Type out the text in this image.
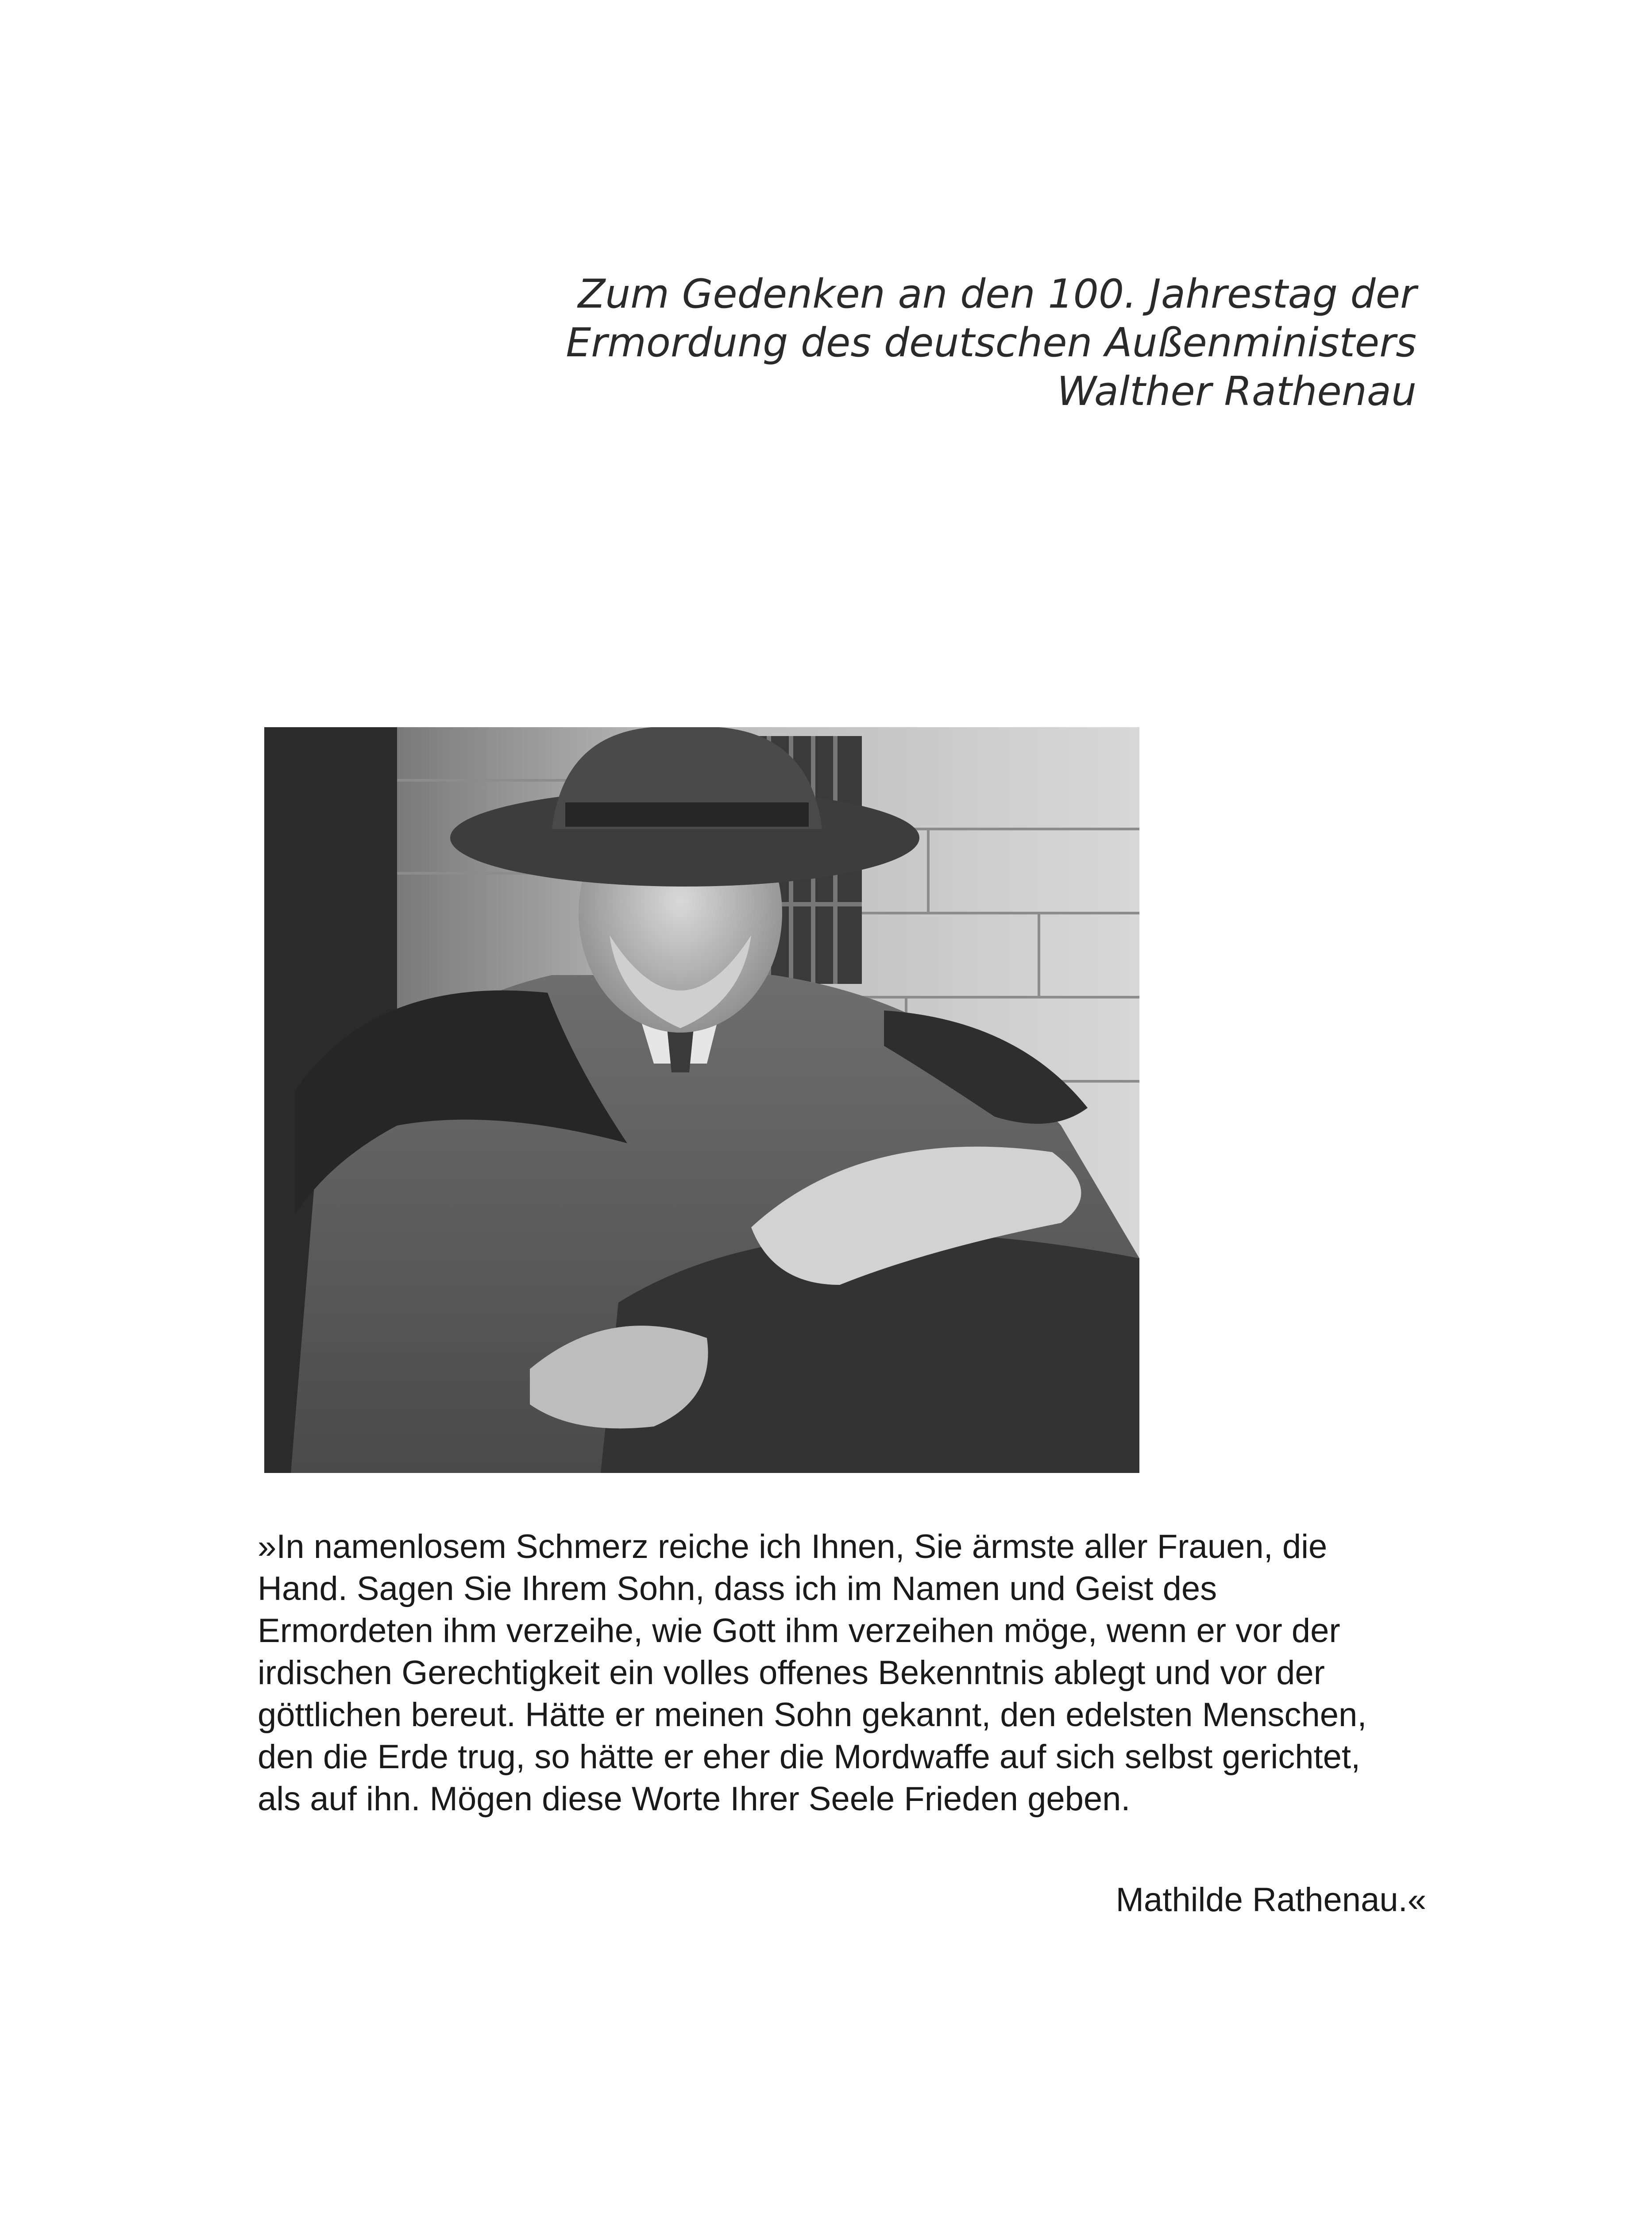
Zum Gedenken an den 100. Jahrestag der
Ermordung des deutschen Außenministers
Walther Rathenau
»In namenlosem Schmerz reiche ich Ihnen, Sie ärmste aller Frauen, die
Hand. Sagen Sie Ihrem Sohn, dass ich im Namen und Geist des
Ermordeten ihm verzeihe, wie Gott ihm verzeihen möge, wenn er vor der
irdischen Gerechtigkeit ein volles offenes Bekenntnis ablegt und vor der
göttlichen bereut. Hätte er meinen Sohn gekannt, den edelsten Menschen,
den die Erde trug, so hätte er eher die Mordwaffe auf sich selbst gerichtet,
als auf ihn. Mögen diese Worte Ihrer Seele Frieden geben.
Mathilde Rathenau.«
